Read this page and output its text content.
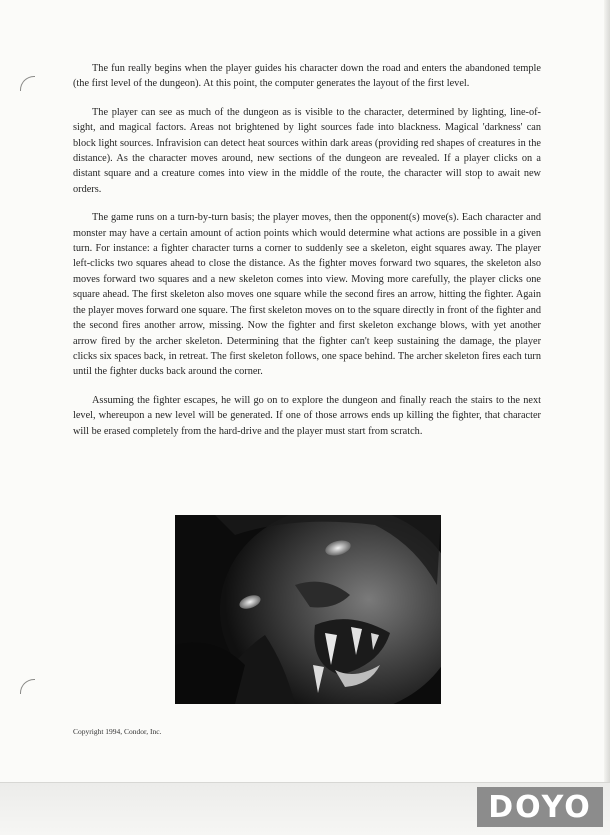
The fun really begins when the player guides his character down the road and enters the abandoned temple (the first level of the dungeon). At this point, the computer generates the layout of the first level.

The player can see as much of the dungeon as is visible to the character, determined by lighting, line-of-sight, and magical factors. Areas not brightened by light sources fade into blackness. Magical 'darkness' can block light sources. Infravision can detect heat sources within dark areas (providing red shapes of creatures in the distance). As the character moves around, new sections of the dungeon are revealed. If a player clicks on a distant square and a creature comes into view in the middle of the route, the character will stop to await new orders.

The game runs on a turn-by-turn basis; the player moves, then the opponent(s) move(s). Each character and monster may have a certain amount of action points which would determine what actions are possible in a given turn. For instance: a fighter character turns a corner to suddenly see a skeleton, eight squares away. The player left-clicks two squares ahead to close the distance. As the fighter moves forward two squares, the skeleton also moves forward two squares and a new skeleton comes into view. Moving more carefully, the player clicks one square ahead. The first skeleton also moves one square while the second fires an arrow, hitting the fighter. Again the player moves forward one square. The first skeleton moves on to the square directly in front of the fighter and the second fires another arrow, missing. Now the fighter and first skeleton exchange blows, with yet another arrow fired by the archer skeleton. Determining that the fighter can't keep sustaining the damage, the player clicks six spaces back, in retreat. The first skeleton follows, one space behind. The archer skeleton fires each turn until the fighter ducks back around the corner.

Assuming the fighter escapes, he will go on to explore the dungeon and finally reach the stairs to the next level, whereupon a new level will be generated. If one of those arrows ends up killing the fighter, that character will be erased completely from the hard-drive and the player must start from scratch.

Copyright 1994, Condor, Inc.
DOYO
